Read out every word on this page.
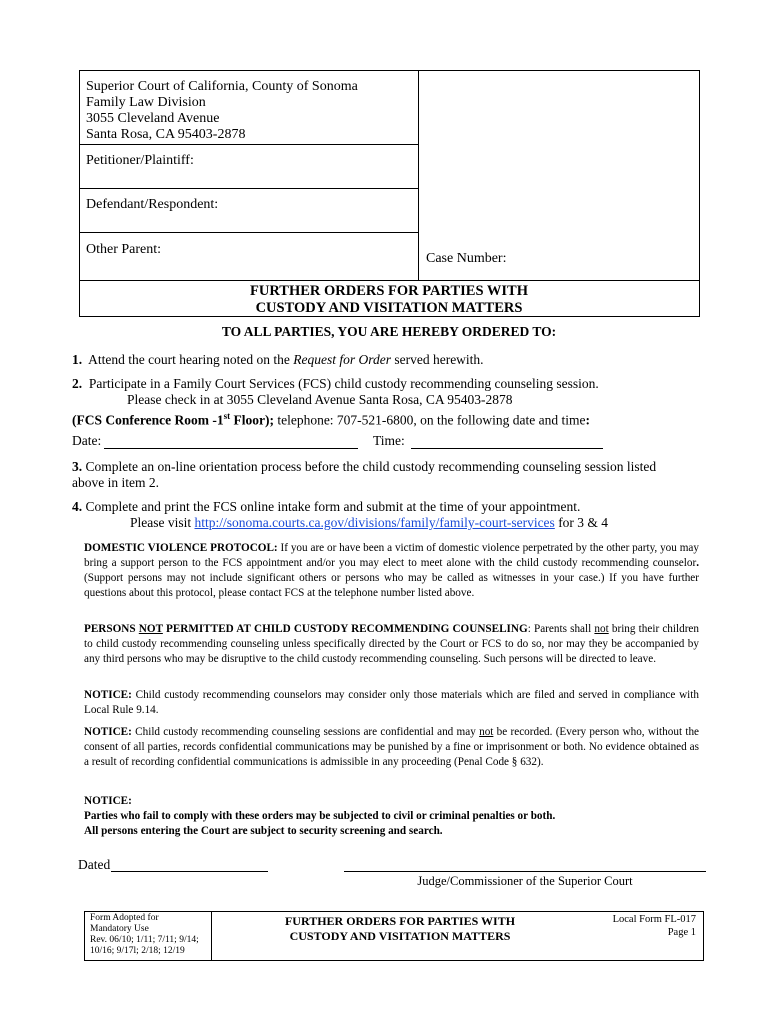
Superior Court of California, County of Sonoma
Family Law Division
3055 Cleveland Avenue
Santa Rosa, CA 95403-2878
Petitioner/Plaintiff:
Defendant/Respondent:
Other Parent:
Case Number:
FURTHER ORDERS FOR PARTIES WITH
CUSTODY AND VISITATION MATTERS
TO ALL PARTIES, YOU ARE HEREBY ORDERED TO:
1. Attend the court hearing noted on the Request for Order served herewith.
2. Participate in a Family Court Services (FCS) child custody recommending counseling session.
Please check in at 3055 Cleveland Avenue Santa Rosa, CA 95403-2878
(FCS Conference Room -1st Floor); telephone: 707-521-6800, on the following date and time:
Date:	Time:
3. Complete an on-line orientation process before the child custody recommending counseling session listed above in item 2.
4. Complete and print the FCS online intake form and submit at the time of your appointment.
Please visit http://sonoma.courts.ca.gov/divisions/family/family-court-services for 3 & 4
DOMESTIC VIOLENCE PROTOCOL: If you are or have been a victim of domestic violence perpetrated by the other party, you may bring a support person to the FCS appointment and/or you may elect to meet alone with the child custody recommending counselor. (Support persons may not include significant others or persons who may be called as witnesses in your case.) If you have further questions about this protocol, please contact FCS at the telephone number listed above.
PERSONS NOT PERMITTED AT CHILD CUSTODY RECOMMENDING COUNSELING: Parents shall not bring their children to child custody recommending counseling unless specifically directed by the Court or FCS to do so, nor may they be accompanied by any third persons who may be disruptive to the child custody recommending counseling. Such persons will be directed to leave.
NOTICE: Child custody recommending counselors may consider only those materials which are filed and served in compliance with Local Rule 9.14.
NOTICE: Child custody recommending counseling sessions are confidential and may not be recorded. (Every person who, without the consent of all parties, records confidential communications may be punished by a fine or imprisonment or both. No evidence obtained as a result of recording confidential communications is admissible in any proceeding (Penal Code § 632).
NOTICE:
Parties who fail to comply with these orders may be subjected to civil or criminal penalties or both.
All persons entering the Court are subject to security screening and search.
Dated
Judge/Commissioner of the Superior Court
Form Adopted for
Mandatory Use
Rev. 06/10; 1/11; 7/11; 9/14;
10/16; 9/17l; 2/18; 12/19
FURTHER ORDERS FOR PARTIES WITH
CUSTODY AND VISITATION MATTERS
Local Form FL-017
Page 1
